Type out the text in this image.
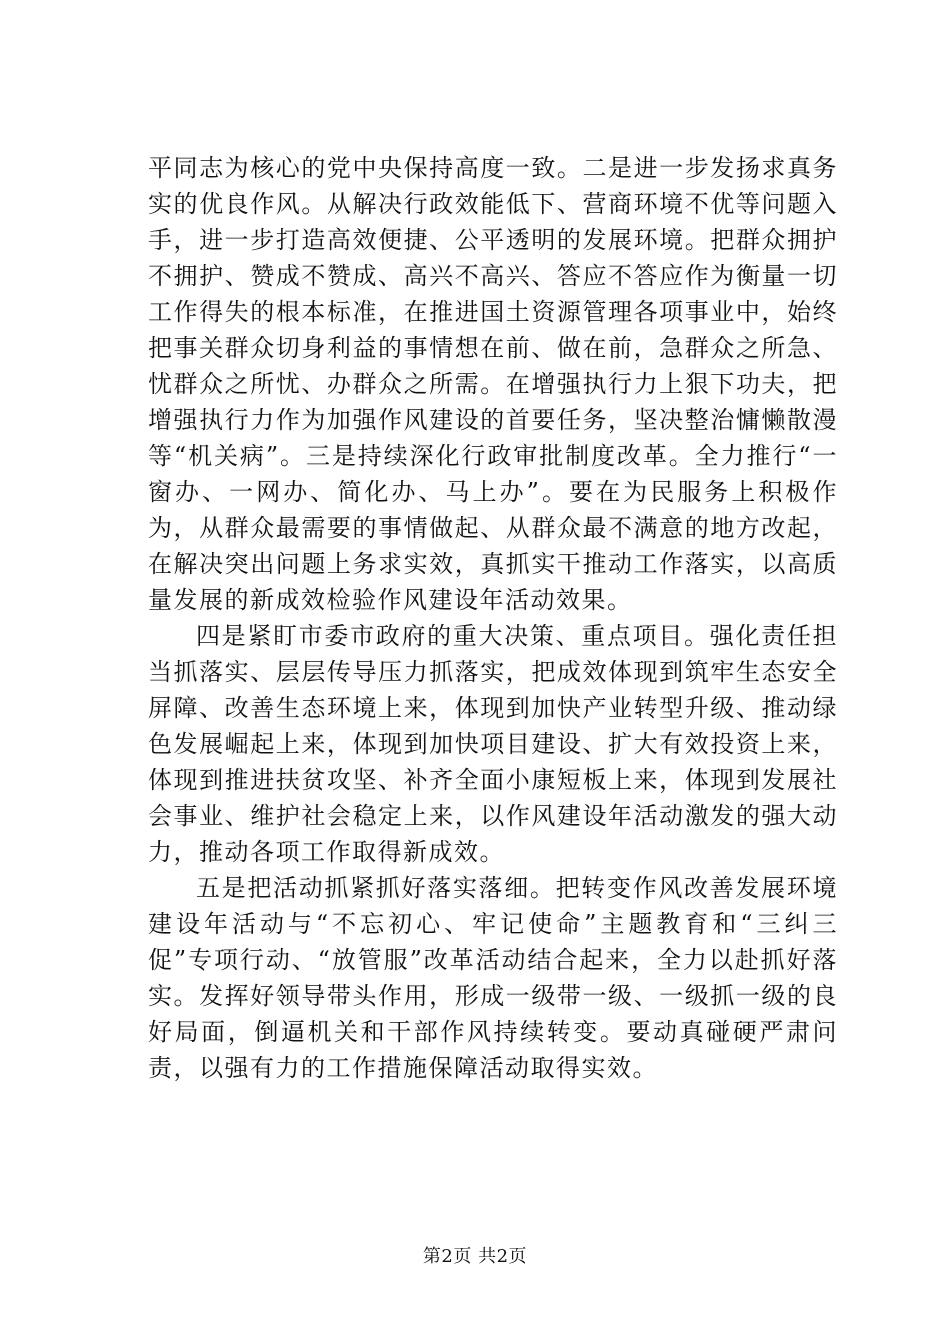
平同志为核心的党中央保持高度一致。二是进一步发扬求真务实的优良作风。从解决行政效能低下、营商环境不优等问题入手，进一步打造高效便捷、公平透明的发展环境。把群众拥护不拥护、赞成不赞成、高兴不高兴、答应不答应作为衡量一切工作得失的根本标准，在推进国土资源管理各项事业中，始终把事关群众切身利益的事情想在前、做在前，急群众之所急、忧群众之所忧、办群众之所需。在增强执行力上狠下功夫，把增强执行力作为加强作风建设的首要任务，坚决整治慵懒散漫等“机关病”。三是持续深化行政审批制度改革。全力推行“一窗办、一网办、简化办、马上办”。要在为民服务上积极作为，从群众最需要的事情做起、从群众最不满意的地方改起，在解决突出问题上务求实效，真抓实干推动工作落实，以高质量发展的新成效检验作风建设年活动效果。

四是紧盯市委市政府的重大决策、重点项目。强化责任担当抓落实、层层传导压力抓落实，把成效体现到筑牢生态安全屏障、改善生态环境上来，体现到加快产业转型升级、推动绿色发展崛起上来，体现到加快项目建设、扩大有效投资上来，体现到推进扶贫攻坚、补齐全面小康短板上来，体现到发展社会事业、维护社会稳定上来，以作风建设年活动激发的强大动力，推动各项工作取得新成效。

五是把活动抓紧抓好落实落细。把转变作风改善发展环境建设年活动与“不忘初心、牢记使命”主题教育和“三纠三促”专项行动、“放管服”改革活动结合起来，全力以赴抓好落实。发挥好领导带头作用，形成一级带一级、一级抓一级的良好局面，倒逼机关和干部作风持续转变。要动真碰硬严肃问责，以强有力的工作措施保障活动取得实效。

第2页 共2页
